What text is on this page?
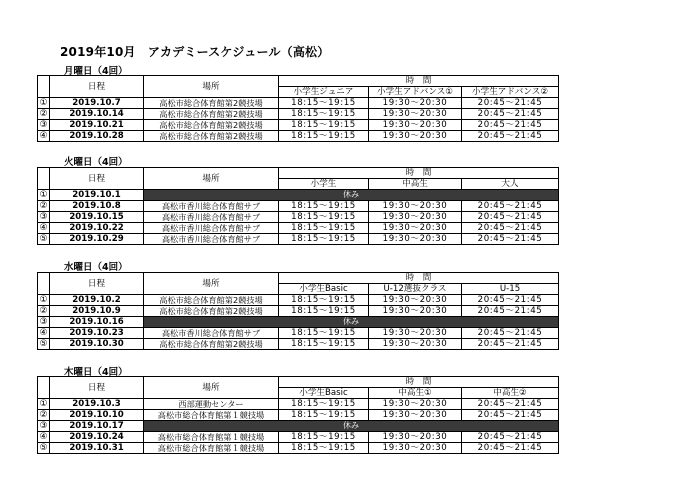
2019年10月　アカデミースケジュール（高松）
月曜日（4回）
	日程	場所	時　間		
			小学生ジュニア	小学生アドバンス①	小学生アドバンス②
①	2019.10.7	高松市総合体育館第2競技場	18:15～19:15	19:30～20:30	20:45～21:45
②	2019.10.14	高松市総合体育館第2競技場	18:15～19:15	19:30～20:30	20:45～21:45
③	2019.10.21	高松市総合体育館第2競技場	18:15～19:15	19:30～20:30	20:45～21:45
④	2019.10.28	高松市総合体育館第2競技場	18:15～19:15	19:30～20:30	20:45～21:45
火曜日（4回）
	日程	場所	時　間		
			小学生	中高生	大人
①	2019.10.1	休み			
②	2019.10.8	高松市香川総合体育館サブ	18:15～19:15	19:30～20:30	20:45～21:45
③	2019.10.15	高松市香川総合体育館サブ	18:15～19:15	19:30～20:30	20:45～21:45
④	2019.10.22	高松市香川総合体育館サブ	18:15～19:15	19:30～20:30	20:45～21:45
⑤	2019.10.29	高松市香川総合体育館サブ	18:15～19:15	19:30～20:30	20:45～21:45
水曜日（4回）
	日程	場所	時　間		
			小学生Basic	U-12選抜クラス	U-15
①	2019.10.2	高松市総合体育館第2競技場	18:15～19:15	19:30～20:30	20:45～21:45
②	2019.10.9	高松市総合体育館第2競技場	18:15～19:15	19:30～20:30	20:45～21:45
③	2019.10.16	休み			
④	2019.10.23	高松市香川総合体育館サブ	18:15～19:15	19:30～20:30	20:45～21:45
⑤	2019.10.30	高松市総合体育館第2競技場	18:15～19:15	19:30～20:30	20:45～21:45
木曜日（4回）
	日程	場所	時　間		
			小学生Basic	中高生①	中高生②
①	2019.10.3	西部運動センター	18:15～19:15	19:30～20:30	20:45～21:45
②	2019.10.10	高松市総合体育館第１競技場	18:15～19:15	19:30～20:30	20:45～21:45
③	2019.10.17	休み			
④	2019.10.24	高松市総合体育館第１競技場	18:15～19:15	19:30～20:30	20:45～21:45
⑤	2019.10.31	高松市総合体育館第１競技場	18:15～19:15	19:30～20:30	20:45～21:45
